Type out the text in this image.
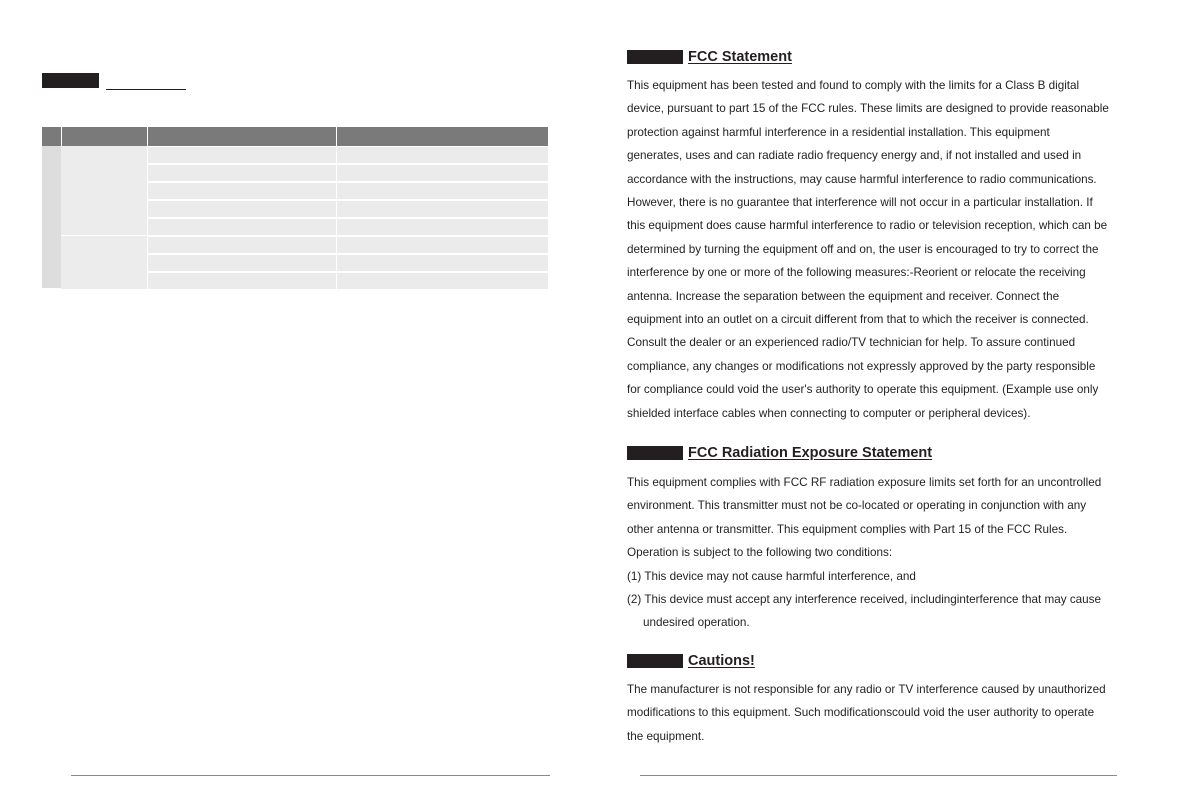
FCC Statement
This equipment has been tested and found to comply with the limits for a Class B digital
device, pursuant to part 15 of the FCC rules. These limits are designed to provide reasonable
protection against harmful interference in a residential installation. This equipment
generates, uses and can radiate radio frequency energy and, if not installed and used in
accordance with the instructions, may cause harmful interference to radio communications.
However, there is no guarantee that interference will not occur in a particular installation. If
this equipment does cause harmful interference to radio or television reception, which can be
determined by turning the equipment off and on, the user is encouraged to try to correct the
interference by one or more of the following measures:-Reorient or relocate the receiving
antenna. Increase the separation between the equipment and receiver. Connect the
equipment into an outlet on a circuit different from that to which the receiver is connected.
Consult the dealer or an experienced radio/TV technician for help. To assure continued
compliance, any changes or modifications not expressly approved by the party responsible
for compliance could void the user's authority to operate this equipment. (Example use only
shielded interface cables when connecting to computer or peripheral devices).
FCC Radiation Exposure Statement
This equipment complies with FCC RF radiation exposure limits set forth for an uncontrolled
environment. This transmitter must not be co-located or operating in conjunction with any
other antenna or transmitter. This equipment complies with Part 15 of the FCC Rules.
Operation is subject to the following two conditions:
(1) This device may not cause harmful interference, and
(2) This device must accept any interference received, includinginterference that may cause
undesired operation.
Cautions!
The manufacturer is not responsible for any radio or TV interference caused by unauthorized
modifications to this equipment. Such modificationscould void the user authority to operate
the equipment.
